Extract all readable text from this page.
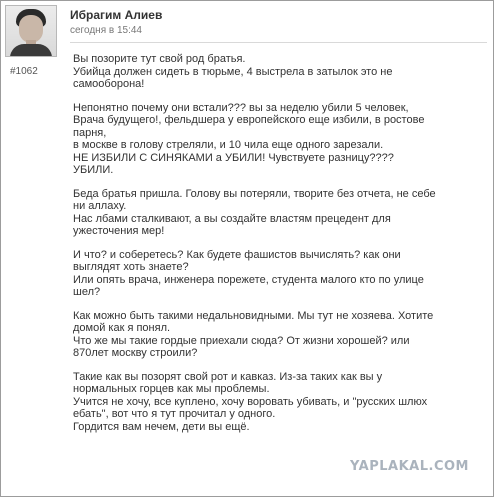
#1062
Ибрагим Алиев
сегодня в 15:44
Вы позорите тут свой род братья.
Убийца должен сидеть в тюрьме, 4 выстрела в затылок это не
самооборона!
Непонятно почему они встали??? вы за неделю убили 5 человек,
Врача будущего!, фельдшера у европейского еще избили, в ростове
парня,
в москве в голову стреляли, и 10 чила еще одного зарезали.
НЕ ИЗБИЛИ С СИНЯКАМИ а УБИЛИ! Чувствуете разницу????
УБИЛИ.
Беда братья пришла. Голову вы потеряли, творите без отчета, не себе
ни аллаху.
Нас лбами сталкивают, а вы создайте властям прецедент для
ужесточения мер!
И что? и соберетесь? Как будете фашистов вычислять? как они
выглядят хоть знаете?
Или опять врача, инженера порежете, студента малого кто по улице
шел?
Как можно быть такими недальновидными. Мы тут не хозяева. Хотите
домой как я понял.
Что же мы такие гордые приехали сюда? От жизни хорошей? или
870лет москву строили?
Такие как вы позорят свой рот и кавказ. Из-за таких как вы у
нормальных горцев как мы проблемы.
Учится не хочу, все куплено, хочу воровать убивать, и "русских шлюх
ебать", вот что я тут прочитал у одного.
Гордится вам нечем, дети вы ещё.
YAPLAKAL.COM
